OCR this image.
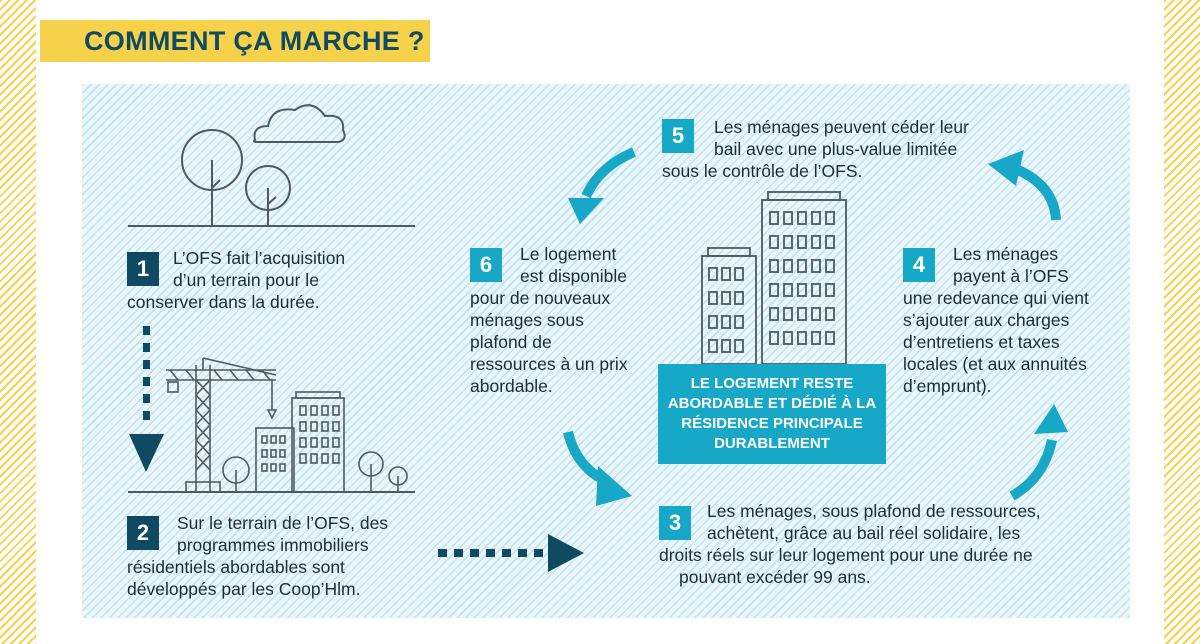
COMMENT ÇA MARCHE ?
LE LOGEMENT RESTE ABORDABLE ET DÉDIÉ À LA RÉSIDENCE PRINCIPALE DURABLEMENT
1	L’OFS fait l’acquisition
d’un terrain pour le
conserver dans la durée.
2	Sur le terrain de l’OFS, des
programmes immobiliers
résidentiels abordables sont
développés par les Coop’Hlm.
3	Les ménages, sous plafond de ressources,
achètent, grâce au bail réel solidaire, les
droits réels sur leur logement pour une durée ne
pouvant excéder 99 ans.
4	Les ménages
payent à l’OFS
une redevance qui vient
s’ajouter aux charges
d’entretiens et taxes
locales (et aux annuités
d’emprunt).
5	Les ménages peuvent céder leur
bail avec une plus-value limitée
sous le contrôle de l’OFS.
6	Le logement
est disponible
pour de nouveaux
ménages sous
plafond de
ressources à un prix
abordable.
